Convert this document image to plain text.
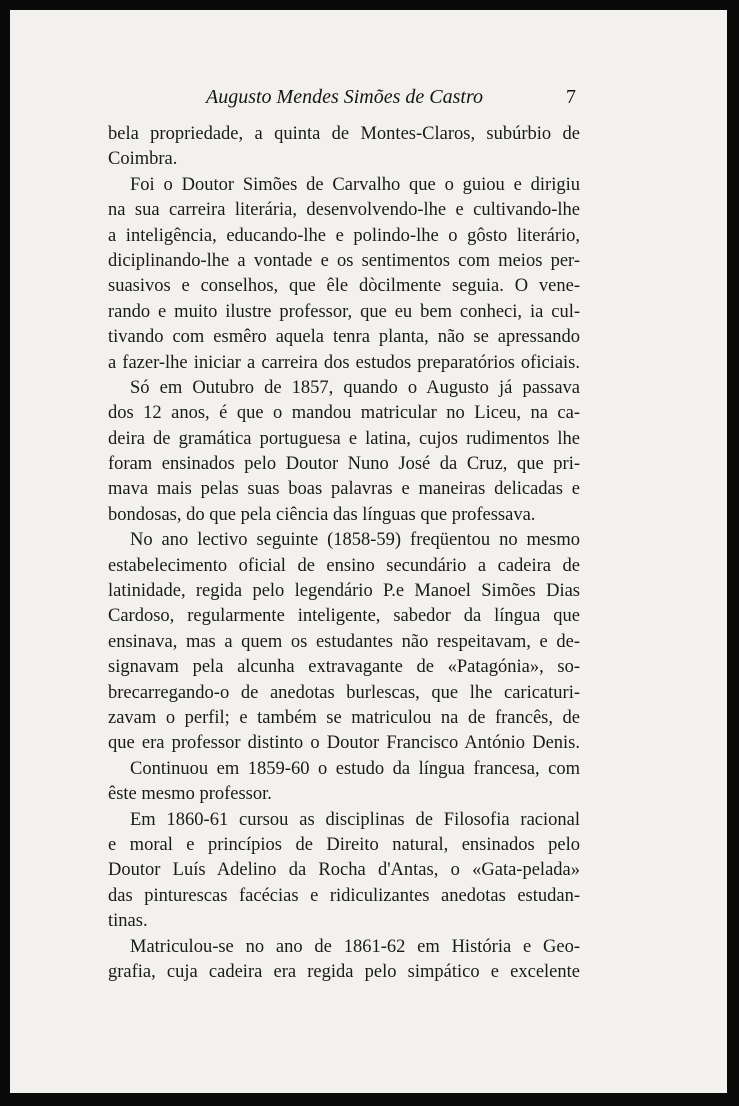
Augusto Mendes Simões de Castro	7
bela propriedade, a quinta de Montes-Claros, subúrbio de
Coimbra.
Foi o Doutor Simões de Carvalho que o guiou e dirigiu
na sua carreira literária, desenvolvendo-lhe e cultivando-lhe
a inteligência, educando-lhe e polindo-lhe o gôsto literário,
diciplinando-lhe a vontade e os sentimentos com meios per-
suasivos e conselhos, que êle dòcilmente seguia. O vene-
rando e muito ilustre professor, que eu bem conheci, ia cul-
tivando com esmêro aquela tenra planta, não se apressando
a fazer-lhe iniciar a carreira dos estudos preparatórios oficiais.
Só em Outubro de 1857, quando o Augusto já passava
dos 12 anos, é que o mandou matricular no Liceu, na ca-
deira de gramática portuguesa e latina, cujos rudimentos lhe
foram ensinados pelo Doutor Nuno José da Cruz, que pri-
mava mais pelas suas boas palavras e maneiras delicadas e
bondosas, do que pela ciência das línguas que professava.
No ano lectivo seguinte (1858-59) freqüentou no mesmo
estabelecimento oficial de ensino secundário a cadeira de
latinidade, regida pelo legendário P.e Manoel Simões Dias
Cardoso, regularmente inteligente, sabedor da língua que
ensinava, mas a quem os estudantes não respeitavam, e de-
signavam pela alcunha extravagante de «Patagónia», so-
brecarregando-o de anedotas burlescas, que lhe caricaturi-
zavam o perfil; e também se matriculou na de francês, de
que era professor distinto o Doutor Francisco António Denis.
Continuou em 1859-60 o estudo da língua francesa, com
êste mesmo professor.
Em 1860-61 cursou as disciplinas de Filosofia racional
e moral e princípios de Direito natural, ensinados pelo
Doutor Luís Adelino da Rocha d'Antas, o «Gata-pelada»
das pinturescas facécias e ridiculizantes anedotas estudan-
tinas.
Matriculou-se no ano de 1861-62 em História e Geo-
grafia, cuja cadeira era regida pelo simpático e excelente
